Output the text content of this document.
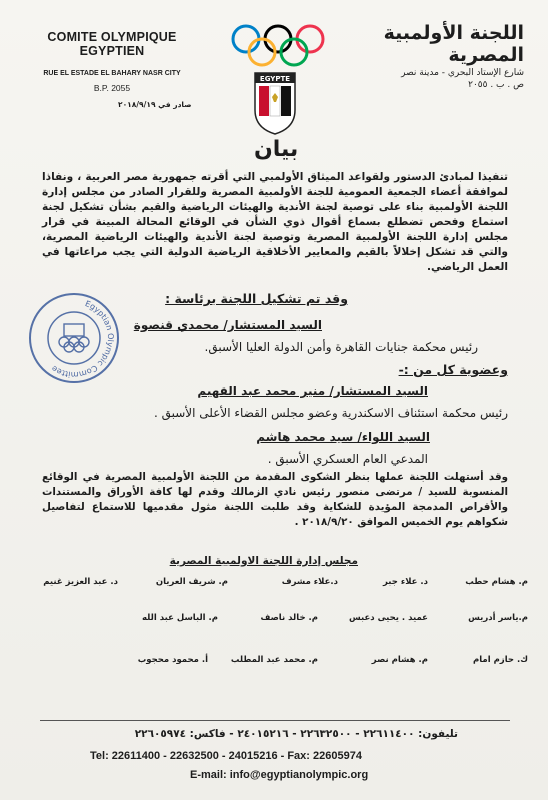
COMITE OLYMPIQUE EGYPTIEN
RUE EL ESTADE EL BAHARY NASR CITY
B.P. 2055
اللجنة الأولمبية المصرية
شارع الإستاد البحري - مدينة نصر
ص . ب . ٢٠٥٥
EGYPTE
صادر في ٢٠١٨/٩/١٩
بيان
تنفيذا لمبادئ الدستور ولقواعد الميثاق الأولمبي التي أقرته جمهورية مصر العربية ، ونفاذا لموافقة أعضاء الجمعية العمومية للجنة الأولمبية المصرية وللقرار الصادر من مجلس إدارة اللجنة الأولمبية بناء على توصية لجنة الأندية والهيئات الرياضية والقيم بشأن تشكيل لجنة استماع وفحص تضطلع بسماع أقوال ذوي الشأن في الوقائع المحالة المبينة في قرار مجلس إدارة اللجنة الأولمبية المصرية وتوصية لجنة الأندية والهيئات الرياضية المصرية، والتي قد تشكل إخلالاً بالقيم والمعايير الأخلاقية الرياضية الدولية التي يجب مراعاتها في العمل الرياضي.
وقد تم تشكيل اللجنة برئاسة :
السيد المستشار/ محمدي قنصوة
رئيس محكمة جنايات القاهرة وأمن الدولة العليا الأسبق.
وعضوية كل من :-
السيد المستشار/ منير محمد عبد القهيم
رئيس محكمة استئناف الاسكندرية وعضو مجلس القضاء الأعلى الأسبق .
السيد اللواء/ سيد محمد هاشم
المدعي العام العسكري الأسبق .
Egyptian Olympic Committee
وقد أستهلت اللجنة عملها بنظر الشكوى المقدمة من اللجنة الأولمبية المصرية في الوقائع المنسوبة للسيد / مرتضى منصور رئيس نادي الزمالك وقدم لها كافة الأوراق والمستندات والأقراص المدمجة المؤيدة للشكاية وقد طلبت اللجنة مثول مقدميها للاستماع لتفاصيل شكواهم يوم الخميس الموافق ٢٠١٨/٩/٢٠ .
مجلس إدارة اللجنة الاولمبية المصرية
م. هشام حطب
د. علاء جبر
د.علاء مشرف
م. شريف العريان
د. عبد العزيز غنيم
م.ياسر أدريس
عميد . يحيى دعبس
م. خالد ناصف
م. الباسل عبد الله
ك. حازم امام
م. هشام نصر
م. محمد عبد المطلب
أ. محمود محجوب
تليفون: ٢٢٦١١٤٠٠ - ٢٢٦٣٢٥٠٠ - ٢٤٠١٥٢١٦ - فاكس: ٢٢٦٠٥٩٧٤
Tel: 22611400 - 22632500 - 24015216 - Fax: 22605974
E-mail: info@egyptianolympic.org
